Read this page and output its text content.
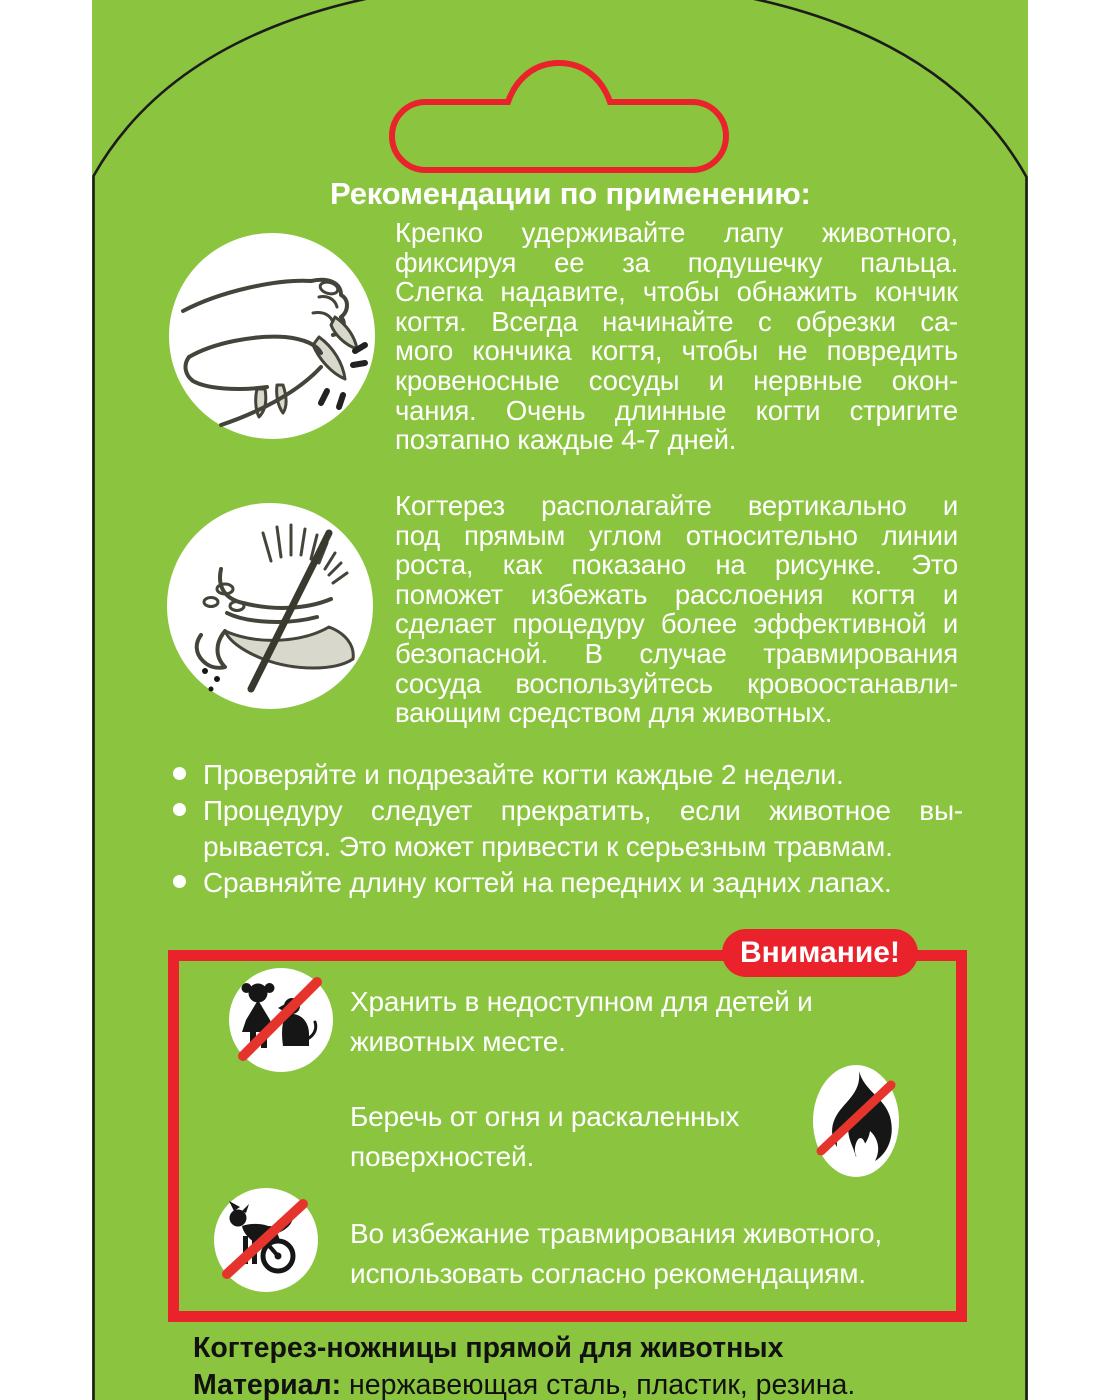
Рекомендации по применению:
Крепко удерживайте лапу животного,
фиксируя ее за подушечку пальца.
Слегка надавите, чтобы обнажить кончик
когтя. Всегда начинайте с обрезки са-
мого кончика когтя, чтобы не повредить
кровеносные сосуды и нервные окон-
чания. Очень длинные когти стригите
поэтапно каждые 4-7 дней.
Когтерез располагайте вертикально и
под прямым углом относительно линии
роста, как показано на рисунке. Это
поможет избежать расслоения когтя и
сделает процедуру более эффективной и
безопасной. В случае травмирования
сосуда воспользуйтесь кровоостанавли-
вающим средством для животных.
Проверяйте и подрезайте когти каждые 2 недели.
Процедуру следует прекратить, если животное вы-
рывается. Это может привести к серьезным травмам.
Сравняйте длину когтей на передних и задних лапах.
Внимание!
Хранить в недоступном для детей и
животных месте.
Беречь от огня и раскаленных
поверхностей.
Во избежание травмирования животного,
использовать согласно рекомендациям.
Когтерез-ножницы прямой для животных
Материал: нержавеющая сталь, пластик, резина.
